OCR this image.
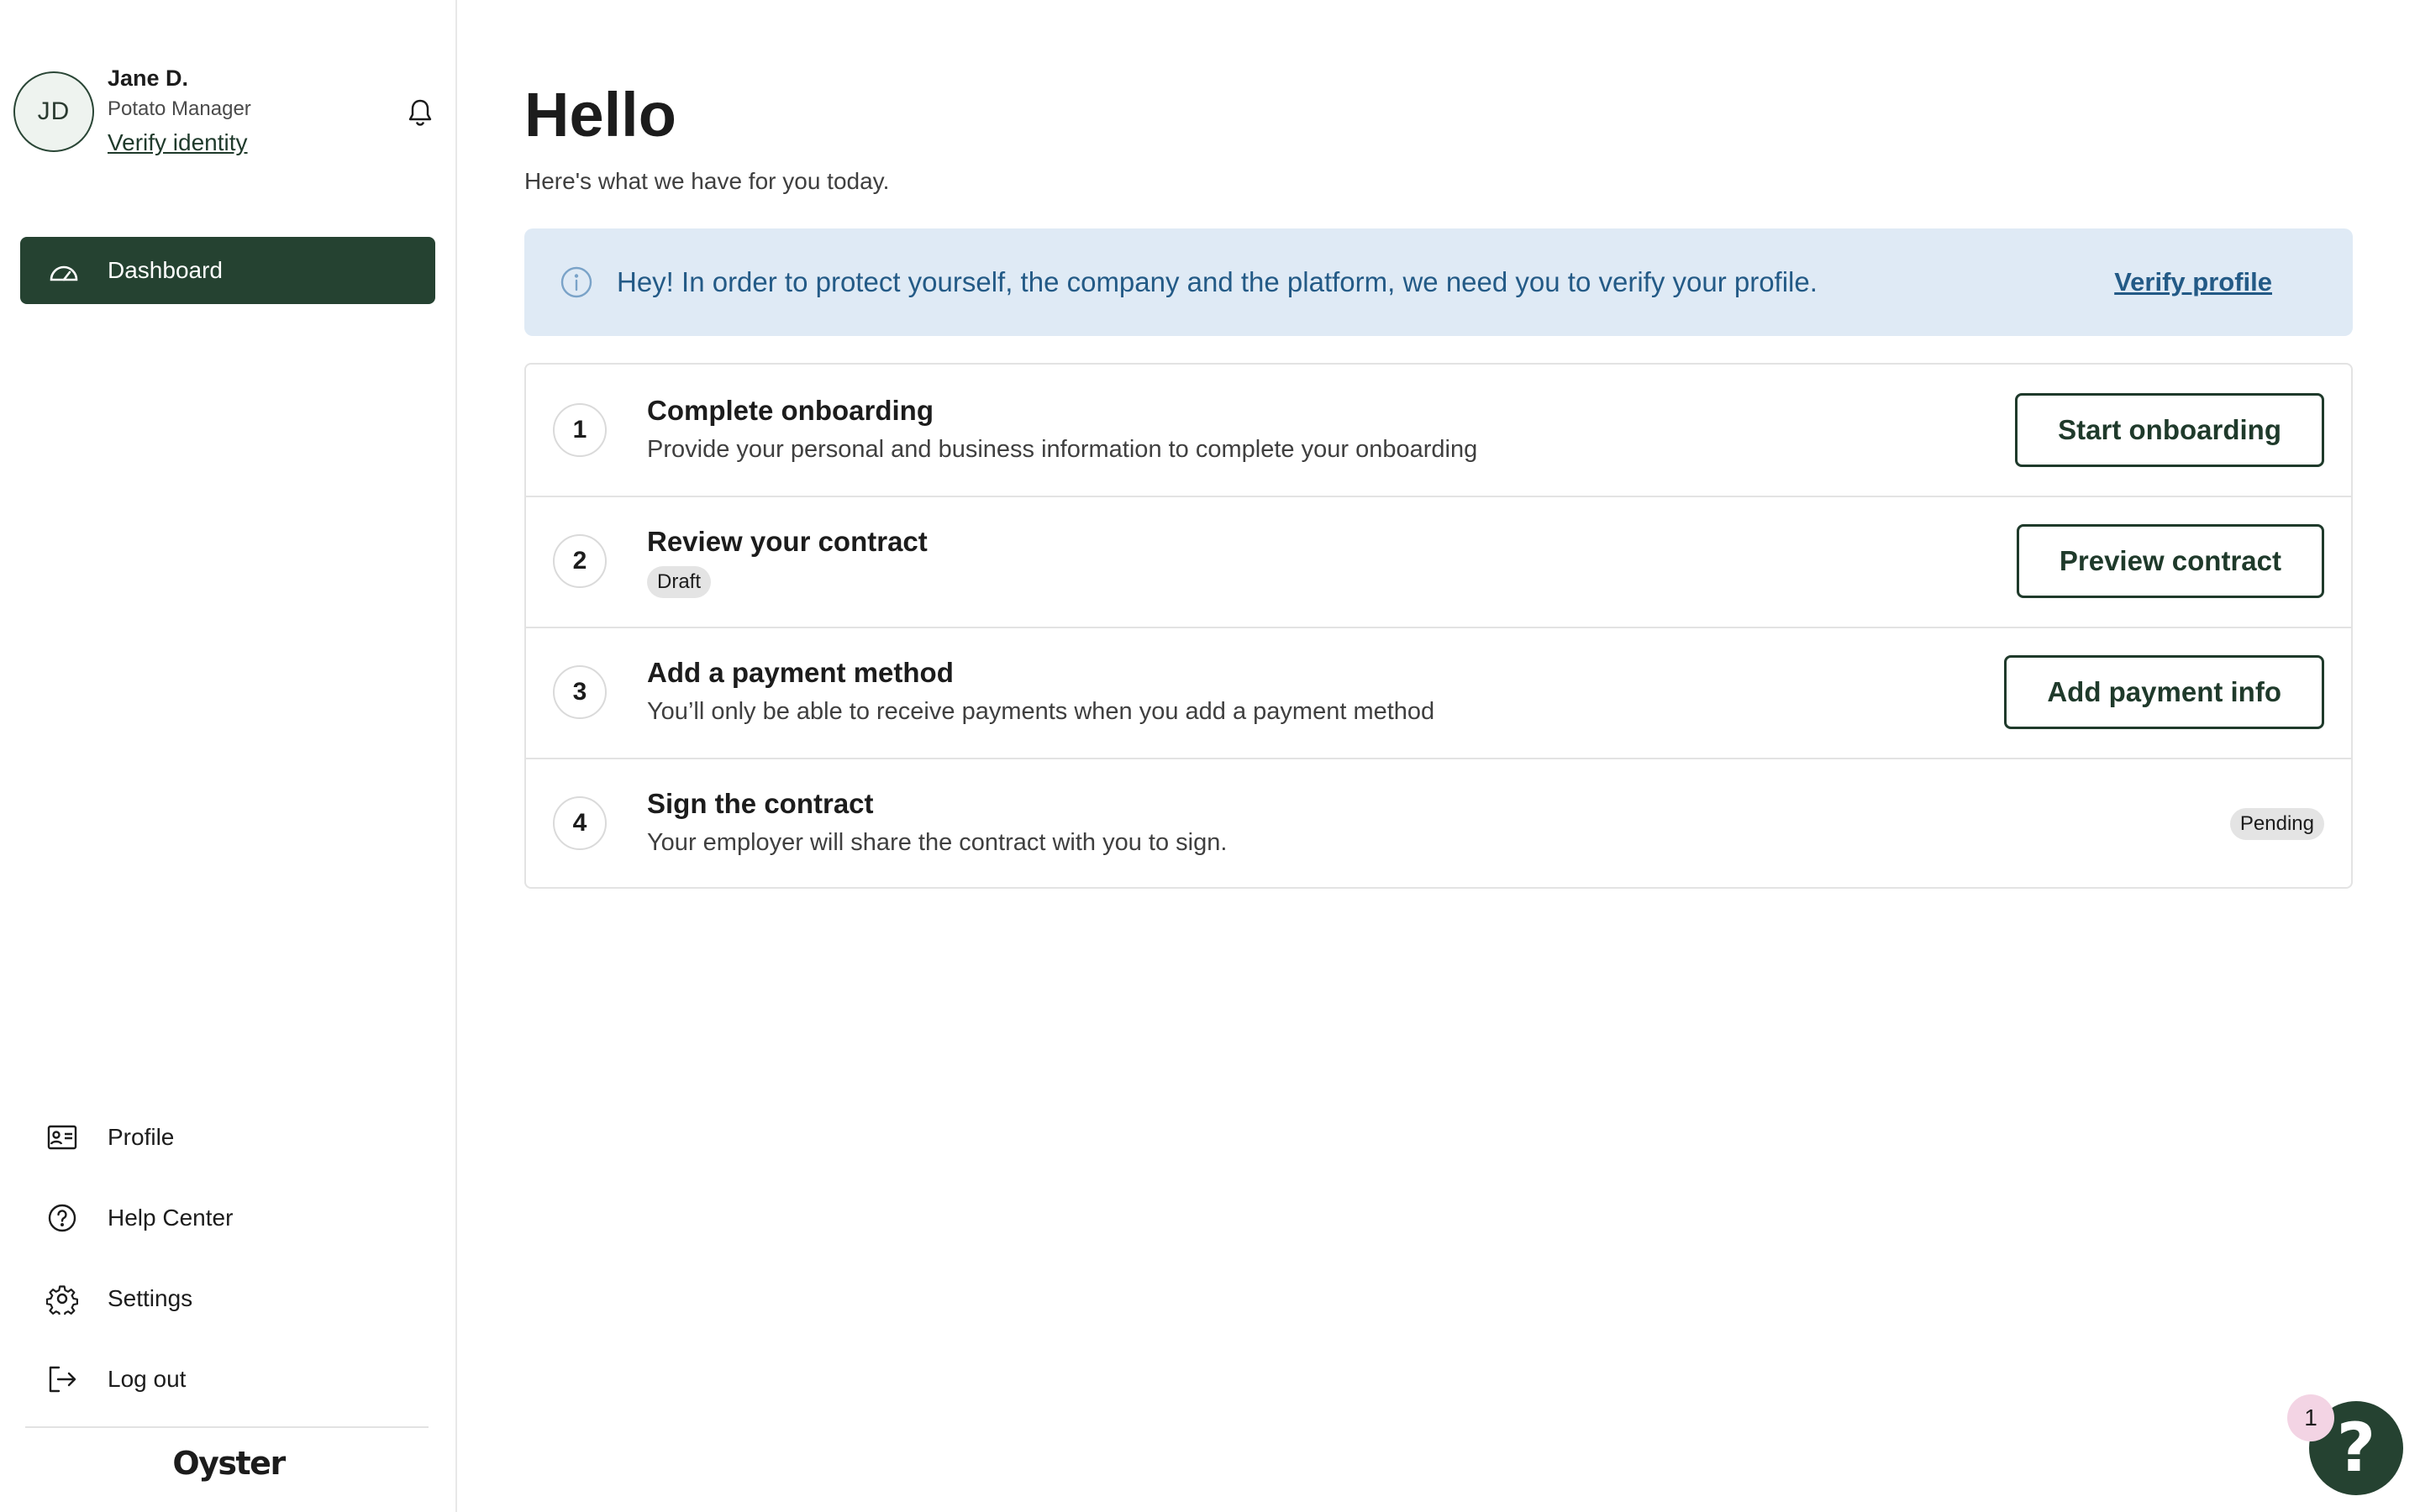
JD
Jane D.
Potato Manager
Verify identity
Dashboard
Profile
Help Center
Settings
Log out
Oyster
Hello

Here's what we have for you today.

Hey! In order to protect yourself, the company and the platform, we need you to verify your profile.	Verify profile
1
Complete onboarding
Provide your personal and business information to complete your onboarding
Start onboarding
2
Review your contract
Draft
Preview contract
3
Add a payment method
You’ll only be able to receive payments when you add a payment method
Add payment info
4
Sign the contract
Your employer will share the contract with you to sign.
Pending
?
1
